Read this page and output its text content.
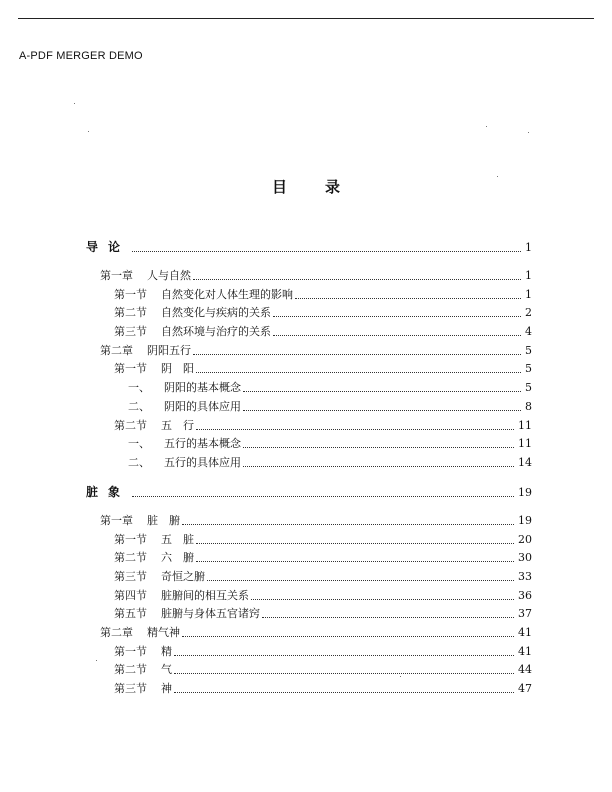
A-PDF MERGER DEMO
目录
导论	1
第一章 人与自然	1
第一节 自然变化对人体生理的影响	1
第二节 自然变化与疾病的关系	2
第三节 自然环境与治疗的关系	4
第二章 阴阳五行	5
第一节 阴　阳	5
一、 阴阳的基本概念	5
二、 阴阳的具体应用	8
第二节 五　行	11
一、 五行的基本概念	11
二、 五行的具体应用	14
脏象	19
第一章 脏　腑	19
第一节 五　脏	20
第二节 六　腑	30
第三节 奇恒之腑	33
第四节 脏腑间的相互关系	36
第五节 脏腑与身体五官诸窍	37
第二章 精气神	41
第一节 精	41
第二节 气	44
第三节 神	47
